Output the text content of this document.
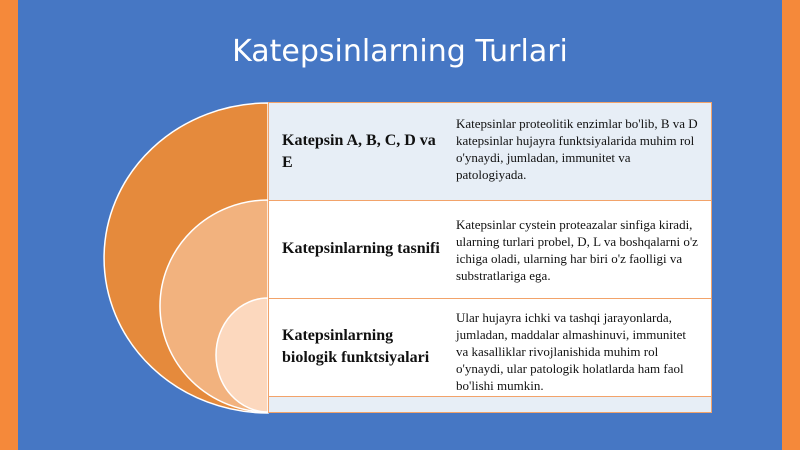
Katepsinlarning Turlari
Katepsin A, B, C, D va E
Katepsinlar proteolitik enzimlar bo'lib, B va D katepsinlar hujayra funktsiyalarida muhim rol o'ynaydi, jumladan, immunitet va patologiyada.
Katepsinlarning tasnifi
Katepsinlar cystein proteazalar sinfiga kiradi, ularning turlari probel, D, L va boshqalarni o'z ichiga oladi, ularning har biri o'z faolligi va substratlariga ega.
Katepsinlarning biologik funktsiyalari
Ular hujayra ichki va tashqi jarayonlarda, jumladan, maddalar almashinuvi, immunitet va kasalliklar rivojlanishida muhim rol o'ynaydi, ular patologik holatlarda ham faol bo'lishi mumkin.
